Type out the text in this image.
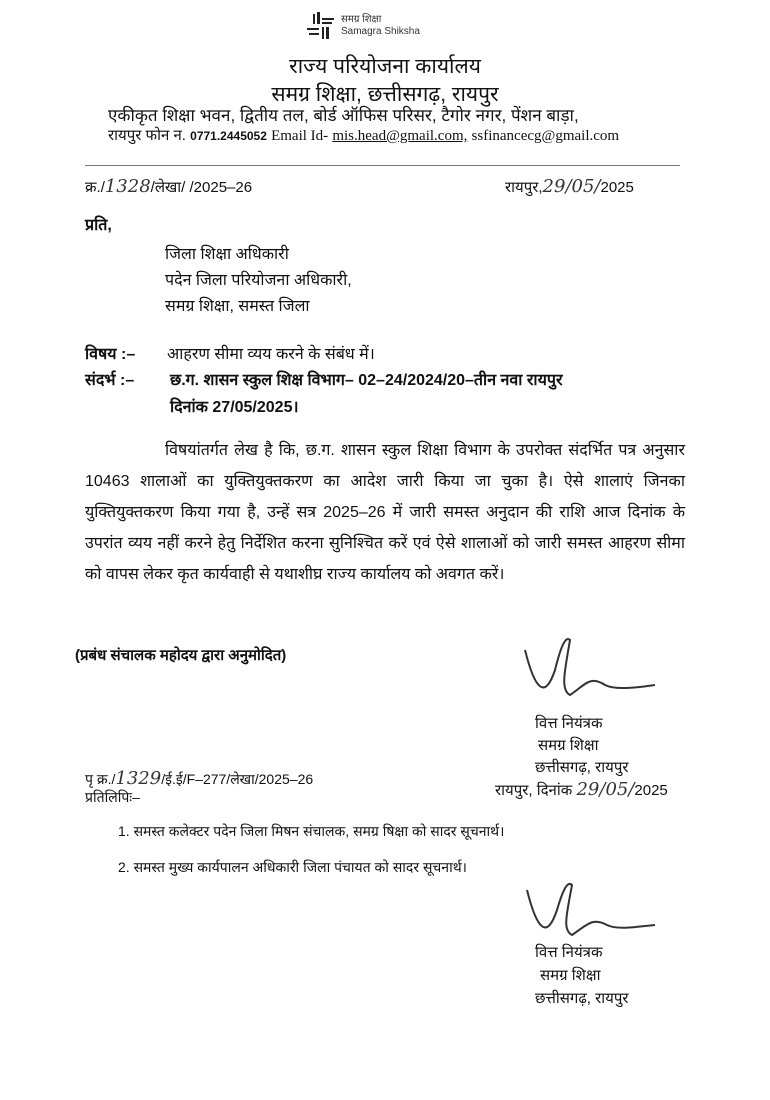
समग्र शिक्षा
Samagra Shiksha
राज्य परियोजना कार्यालय
समग्र शिक्षा, छत्तीसगढ़, रायपुर
एकीकृत शिक्षा भवन, द्वितीय तल, बोर्ड ऑफिस परिसर, टैगोर नगर, पेंशन बाड़ा,
रायपुर फोन न. 0771.2445052 Email Id- mis.head@gmail.com, ssfinancecg@gmail.com
क्र./1328/लेखा/ /2025–26	रायपुर,29/05/2025
प्रति,
जिला शिक्षा अधिकारी
पदेन जिला परियोजना अधिकारी,
समग्र शिक्षा, समस्त जिला
विषय :– आहरण सीमा व्यय करने के संबंध में।
संदर्भ :– छ.ग. शासन स्कुल शिक्ष विभाग– 02–24/2024/20–तीन नवा रायपुर
दिनांक 27/05/2025।

विषयांतर्गत लेख है कि, छ.ग. शासन स्कुल शिक्षा विभाग के उपरोक्त संदर्भित पत्र अनुसार 10463 शालाओं का युक्तियुक्तकरण का आदेश जारी किया जा चुका है। ऐसे शालाएं जिनका युक्तियुक्तकरण किया गया है, उन्हें सत्र 2025–26 में जारी समस्त अनुदान की राशि आज दिनांक के उपरांत व्यय नहीं करने हेतु निर्देशित करना सुनिश्चित करें एवं ऐसे शालाओं को जारी समस्त आहरण सीमा को वापस लेकर कृत कार्यवाही से यथाशीघ्र राज्य कार्यालय को अवगत करें।

(प्रबंध संचालक महोदय द्वारा अनुमोदित)
वित्त नियंत्रक
समग्र शिक्षा
छत्तीसगढ़, रायपुर
रायपुर, दिनांक 29/05/2025
पृ क्र./1329/ई.ई/F–277/लेखा/2025–26
प्रतिलिपिः–
1. समस्त कलेक्टर पदेन जिला मिषन संचालक, समग्र षिक्षा को सादर सूचनार्थ।
2. समस्त मुख्य कार्यपालन अधिकारी जिला पंचायत को सादर सूचनार्थ।
वित्त नियंत्रक
समग्र शिक्षा
छत्तीसगढ़, रायपुर
